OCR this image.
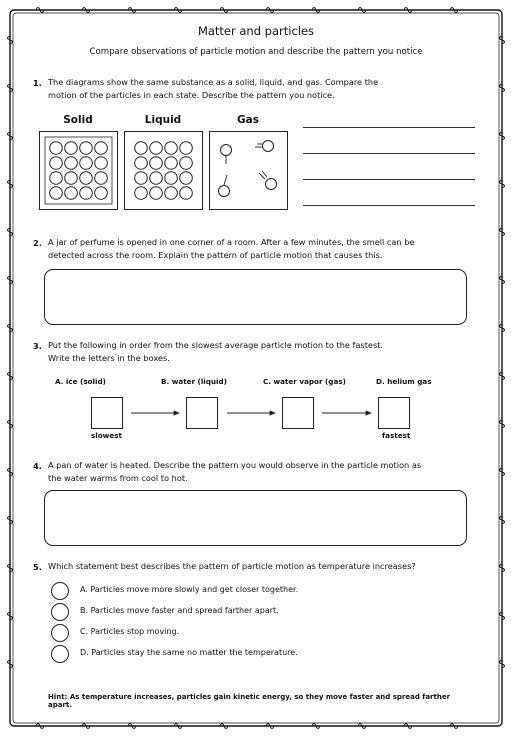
Matter and particles
Compare observations of particle motion and describe the pattern you notice
1. The diagrams show the same substance as a solid, liquid, and gas. Compare the
motion of the particles in each state. Describe the pattern you notice.
Solid	Liquid	Gas
2. A jar of perfume is opened in one corner of a room. After a few minutes, the smell can be
detected across the room. Explain the pattern of particle motion that causes this.
3. Put the following in order from the slowest average particle motion to the fastest.
Write the letters in the boxes.
A. ice (solid)	B. water (liquid)	C. water vapor (gas)	D. helium gas
slowest	fastest
4. A pan of water is heated. Describe the pattern you would observe in the particle motion as
the water warms from cool to hot.
5. Which statement best describes the pattern of particle motion as temperature increases?
A. Particles move more slowly and get closer together.
B. Particles move faster and spread farther apart.
C. Particles stop moving.
D. Particles stay the same no matter the temperature.
Hint: As temperature increases, particles gain kinetic energy, so they move faster and spread farther apart.
